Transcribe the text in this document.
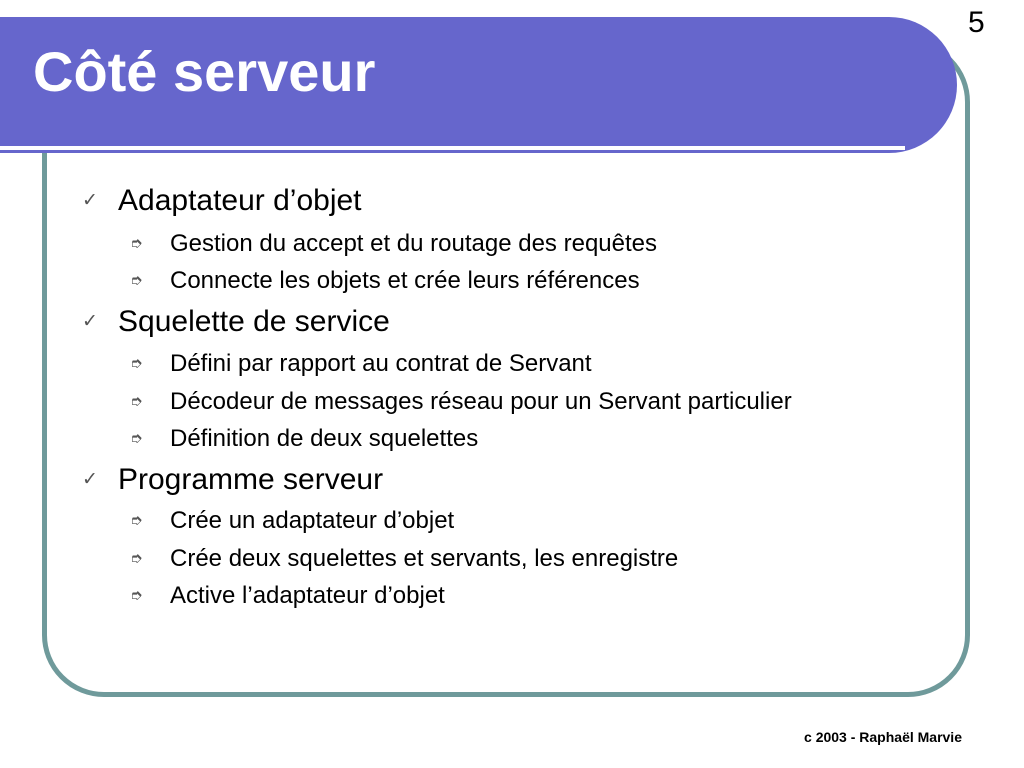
Côté serveur
5
✓ Adaptateur d’objet
➮ Gestion du accept et du routage des requêtes
➮ Connecte les objets et crée leurs références
✓ Squelette de service
➮ Défini par rapport au contrat de Servant
➮ Décodeur de messages réseau pour un Servant particulier
➮ Définition de deux squelettes
✓ Programme serveur
➮ Crée un adaptateur d’objet
➮ Crée deux squelettes et servants, les enregistre
➮ Active l’adaptateur d’objet
c 2003 - Raphaël Marvie
